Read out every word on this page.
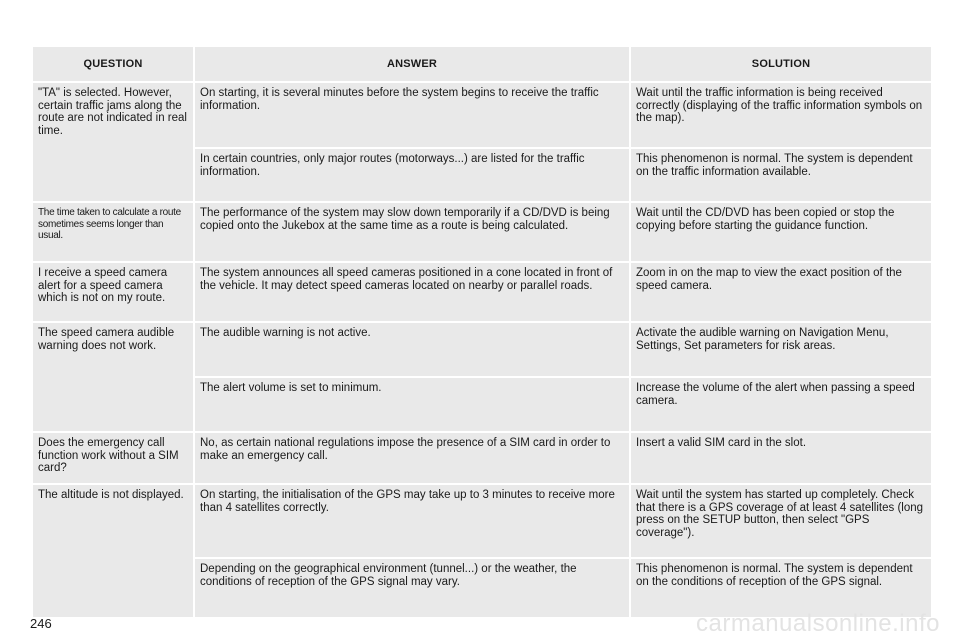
QUESTION	ANSWER	SOLUTION
"TA" is selected. However, certain traffic jams along the route are not indicated in real time.	On starting, it is several minutes before the system begins to receive the traffic information.	Wait until the traffic information is being received correctly (displaying of the traffic information symbols on the map).
	In certain countries, only major routes (motorways...) are listed for the traffic information.	This phenomenon is normal. The system is dependent on the traffic information available.
The time taken to calculate a route sometimes seems longer than usual.	The performance of the system may slow down temporarily if a CD/DVD is being copied onto the Jukebox at the same time as a route is being calculated.	Wait until the CD/DVD has been copied or stop the copying before starting the guidance function.
I receive a speed camera alert for a speed camera which is not on my route.	The system announces all speed cameras positioned in a cone located in front of the vehicle. It may detect speed cameras located on nearby or parallel roads.	Zoom in on the map to view the exact position of the speed camera.
The speed camera audible warning does not work.	The audible warning is not active.	Activate the audible warning on Navigation Menu, Settings, Set parameters for risk areas.
	The alert volume is set to minimum.	Increase the volume of the alert when passing a speed camera.
Does the emergency call function work without a SIM card?	No, as certain national regulations impose the presence of a SIM card in order to make an emergency call.	Insert a valid SIM card in the slot.
The altitude is not displayed.	On starting, the initialisation of the GPS may take up to 3 minutes to receive more than 4 satellites correctly.	Wait until the system has started up completely. Check that there is a GPS coverage of at least 4 satellites (long press on the SETUP button, then select "GPS coverage").
	Depending on the geographical environment (tunnel...) or the weather, the conditions of reception of the GPS signal may vary.	This phenomenon is normal. The system is dependent on the conditions of reception of the GPS signal.
246	carmanualsonline.info
